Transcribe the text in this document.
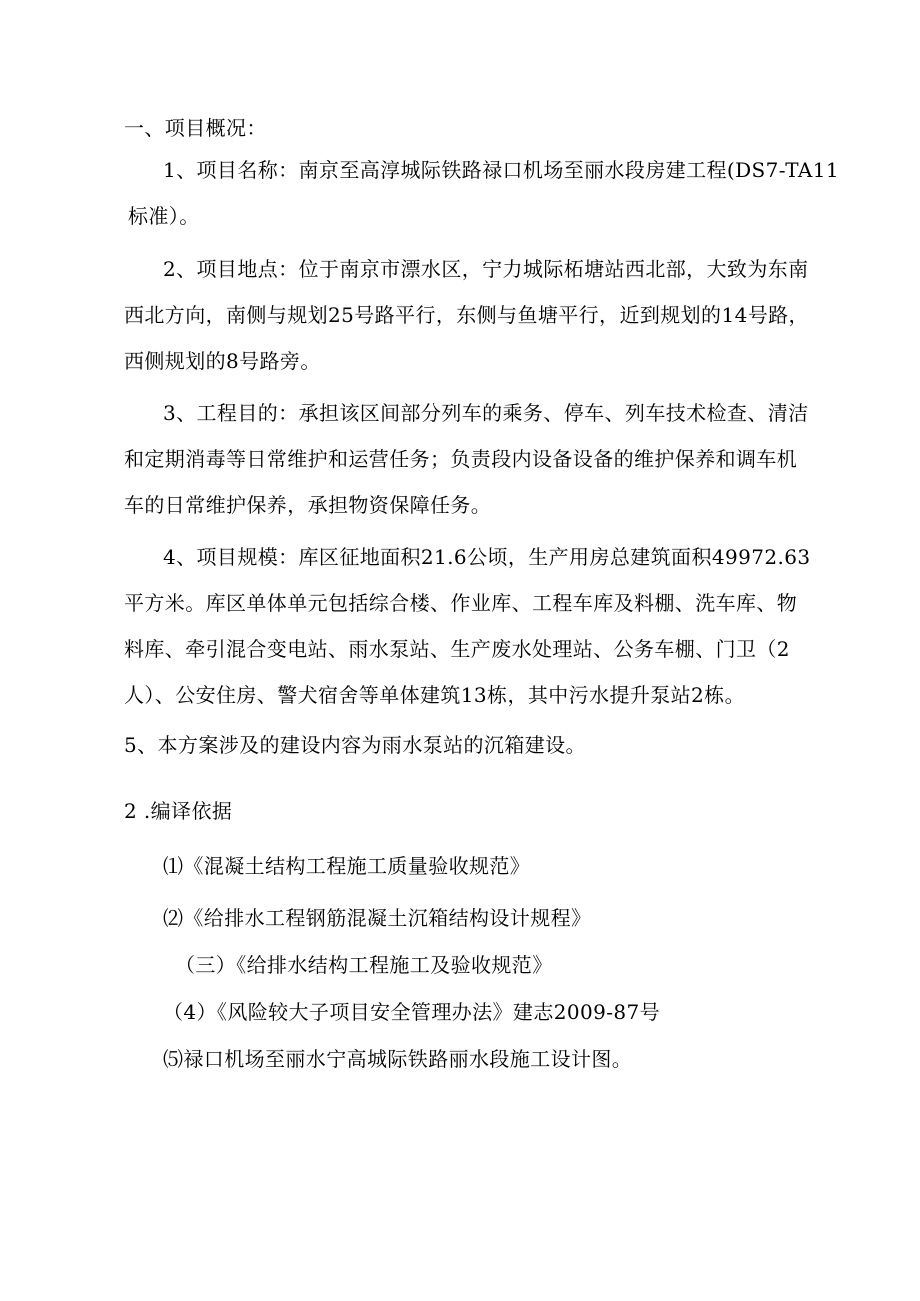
一、项目概况：
1、项目名称：南京至高淳城际铁路禄口机场至丽水段房建工程(DS7-TA11
标准）。
2、项目地点：位于南京市漂水区，宁力城际柘塘站西北部，大致为东南
西北方向，南侧与规划25号路平行，东侧与鱼塘平行，近到规划的14号路，
西侧规划的8号路旁。
3、工程目的：承担该区间部分列车的乘务、停车、列车技术检查、清洁
和定期消毒等日常维护和运营任务；负责段内设备设备的维护保养和调车机
车的日常维护保养，承担物资保障任务。
4、项目规模：库区征地面积21.6公顷，生产用房总建筑面积49972.63
平方米。库区单体单元包括综合楼、作业库、工程车库及料棚、洗车库、物
料库、牵引混合变电站、雨水泵站、生产废水处理站、公务车棚、门卫（2
人）、公安住房、警犬宿舍等单体建筑13栋，其中污水提升泵站2栋。
5、本方案涉及的建设内容为雨水泵站的沉箱建设。
2 .编译依据
⑴《混凝土结构工程施工质量验收规范》
⑵《给排水工程钢筋混凝土沉箱结构设计规程》
（三）《给排水结构工程施工及验收规范》
（4）《风险较大子项目安全管理办法》建志2009-87号
⑸禄口机场至丽水宁高城际铁路丽水段施工设计图。
